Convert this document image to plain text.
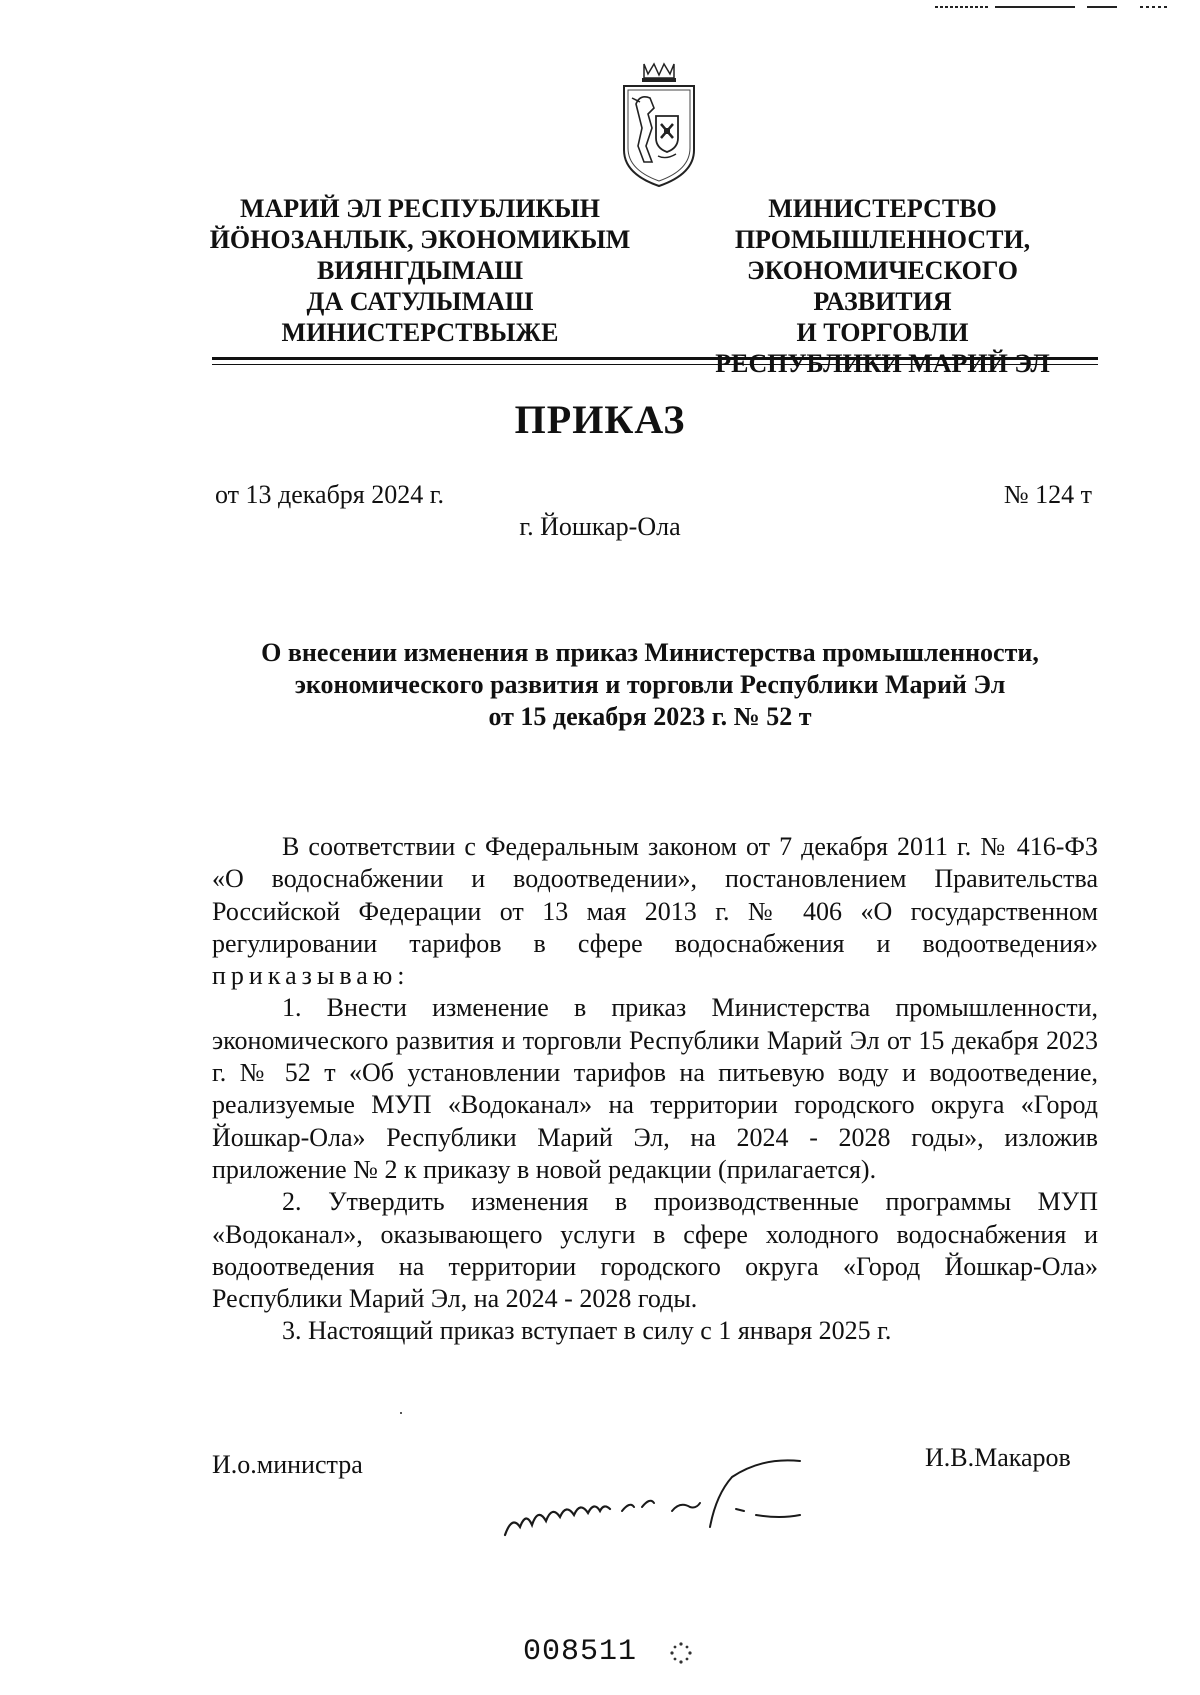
МАРИЙ ЭЛ РЕСПУБЛИКЫН
ЙӦНОЗАНЛЫК, ЭКОНОМИКЫМ
ВИЯНГДЫМАШ
ДА САТУЛЫМАШ
МИНИСТЕРСТВЫЖЕ
МИНИСТЕРСТВО
ПРОМЫШЛЕННОСТИ,
ЭКОНОМИЧЕСКОГО РАЗВИТИЯ
И ТОРГОВЛИ
РЕСПУБЛИКИ МАРИЙ ЭЛ
ПРИКАЗ
от 13 декабря 2024 г.	№ 124 т
г. Йошкар-Ола
О внесении изменения в приказ Министерства промышленности,
экономического развития и торговли Республики Марий Эл
от 15 декабря 2023 г. № 52 т

В соответствии с Федеральным законом от 7 декабря 2011 г. № 416-ФЗ «О водоснабжении и водоотведении», постановлением Правительства Российской Федерации от 13 мая 2013 г. № 406 «О государственном регулировании тарифов в сфере водоснабжения и водоотведения» приказываю:

1. Внести изменение в приказ Министерства промышленности, экономического развития и торговли Республики Марий Эл от 15 декабря 2023 г. № 52 т «Об установлении тарифов на питьевую воду и водоотведение, реализуемые МУП «Водоканал» на территории городского округа «Город Йошкар-Ола» Республики Марий Эл, на 2024 - 2028 годы», изложив приложение № 2 к приказу в новой редакции (прилагается).

2. Утвердить изменения в производственные программы МУП «Водоканал», оказывающего услуги в сфере холодного водоснабжения и водоотведения на территории городского округа «Город Йошкар-Ола» Республики Марий Эл, на 2024 - 2028 годы.

3. Настоящий приказ вступает в силу с 1 января 2025 г.

И.о.министра	И.В.Макаров
008511
